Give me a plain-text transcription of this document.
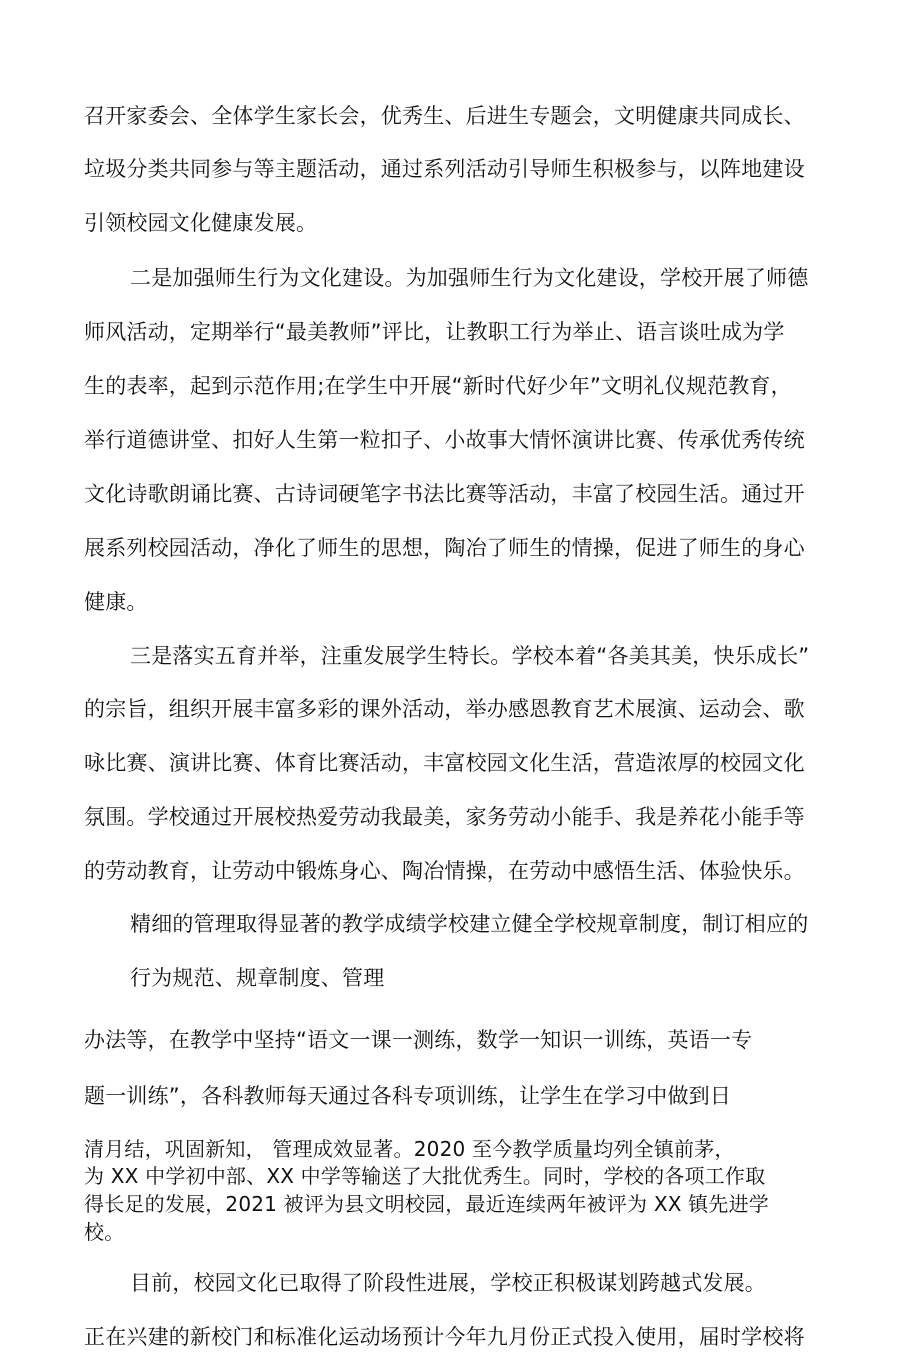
召开家委会、全体学生家长会，优秀生、后进生专题会，文明健康共同成长、
垃圾分类共同参与等主题活动，通过系列活动引导师生积极参与，以阵地建设
引领校园文化健康发展。
二是加强师生行为文化建设。为加强师生行为文化建设，学校开展了师德
师风活动，定期举行“最美教师”评比，让教职工行为举止、语言谈吐成为学
生的表率，起到示范作用;在学生中开展“新时代好少年”文明礼仪规范教育，
举行道德讲堂、扣好人生第一粒扣子、小故事大情怀演讲比赛、传承优秀传统
文化诗歌朗诵比赛、古诗词硬笔字书法比赛等活动，丰富了校园生活。通过开
展系列校园活动，净化了师生的思想，陶冶了师生的情操，促进了师生的身心
健康。
三是落实五育并举，注重发展学生特长。学校本着“各美其美，快乐成长”
的宗旨，组织开展丰富多彩的课外活动，举办感恩教育艺术展演、运动会、歌
咏比赛、演讲比赛、体育比赛活动，丰富校园文化生活，营造浓厚的校园文化
氛围。学校通过开展校热爱劳动我最美，家务劳动小能手、我是养花小能手等
的劳动教育，让劳动中锻炼身心、陶冶情操，在劳动中感悟生活、体验快乐。
精细的管理取得显著的教学成绩学校建立健全学校规章制度，制订相应的
行为规范、规章制度、管理
办法等，在教学中坚持“语文一课一测练，数学一知识一训练，英语一专
题一训练”，各科教师每天通过各科专项训练，让学生在学习中做到日
清月结，巩固新知， 管理成效显著。2020 至今教学质量均列全镇前茅，
为 XX 中学初中部、XX 中学等输送了大批优秀生。同时，学校的各项工作取
得长足的发展，2021 被评为县文明校园，最近连续两年被评为 XX 镇先进学
校。
目前，校园文化已取得了阶段性进展，学校正积极谋划跨越式发展。
正在兴建的新校门和标准化运动场预计今年九月份正式投入使用，届时学校将
